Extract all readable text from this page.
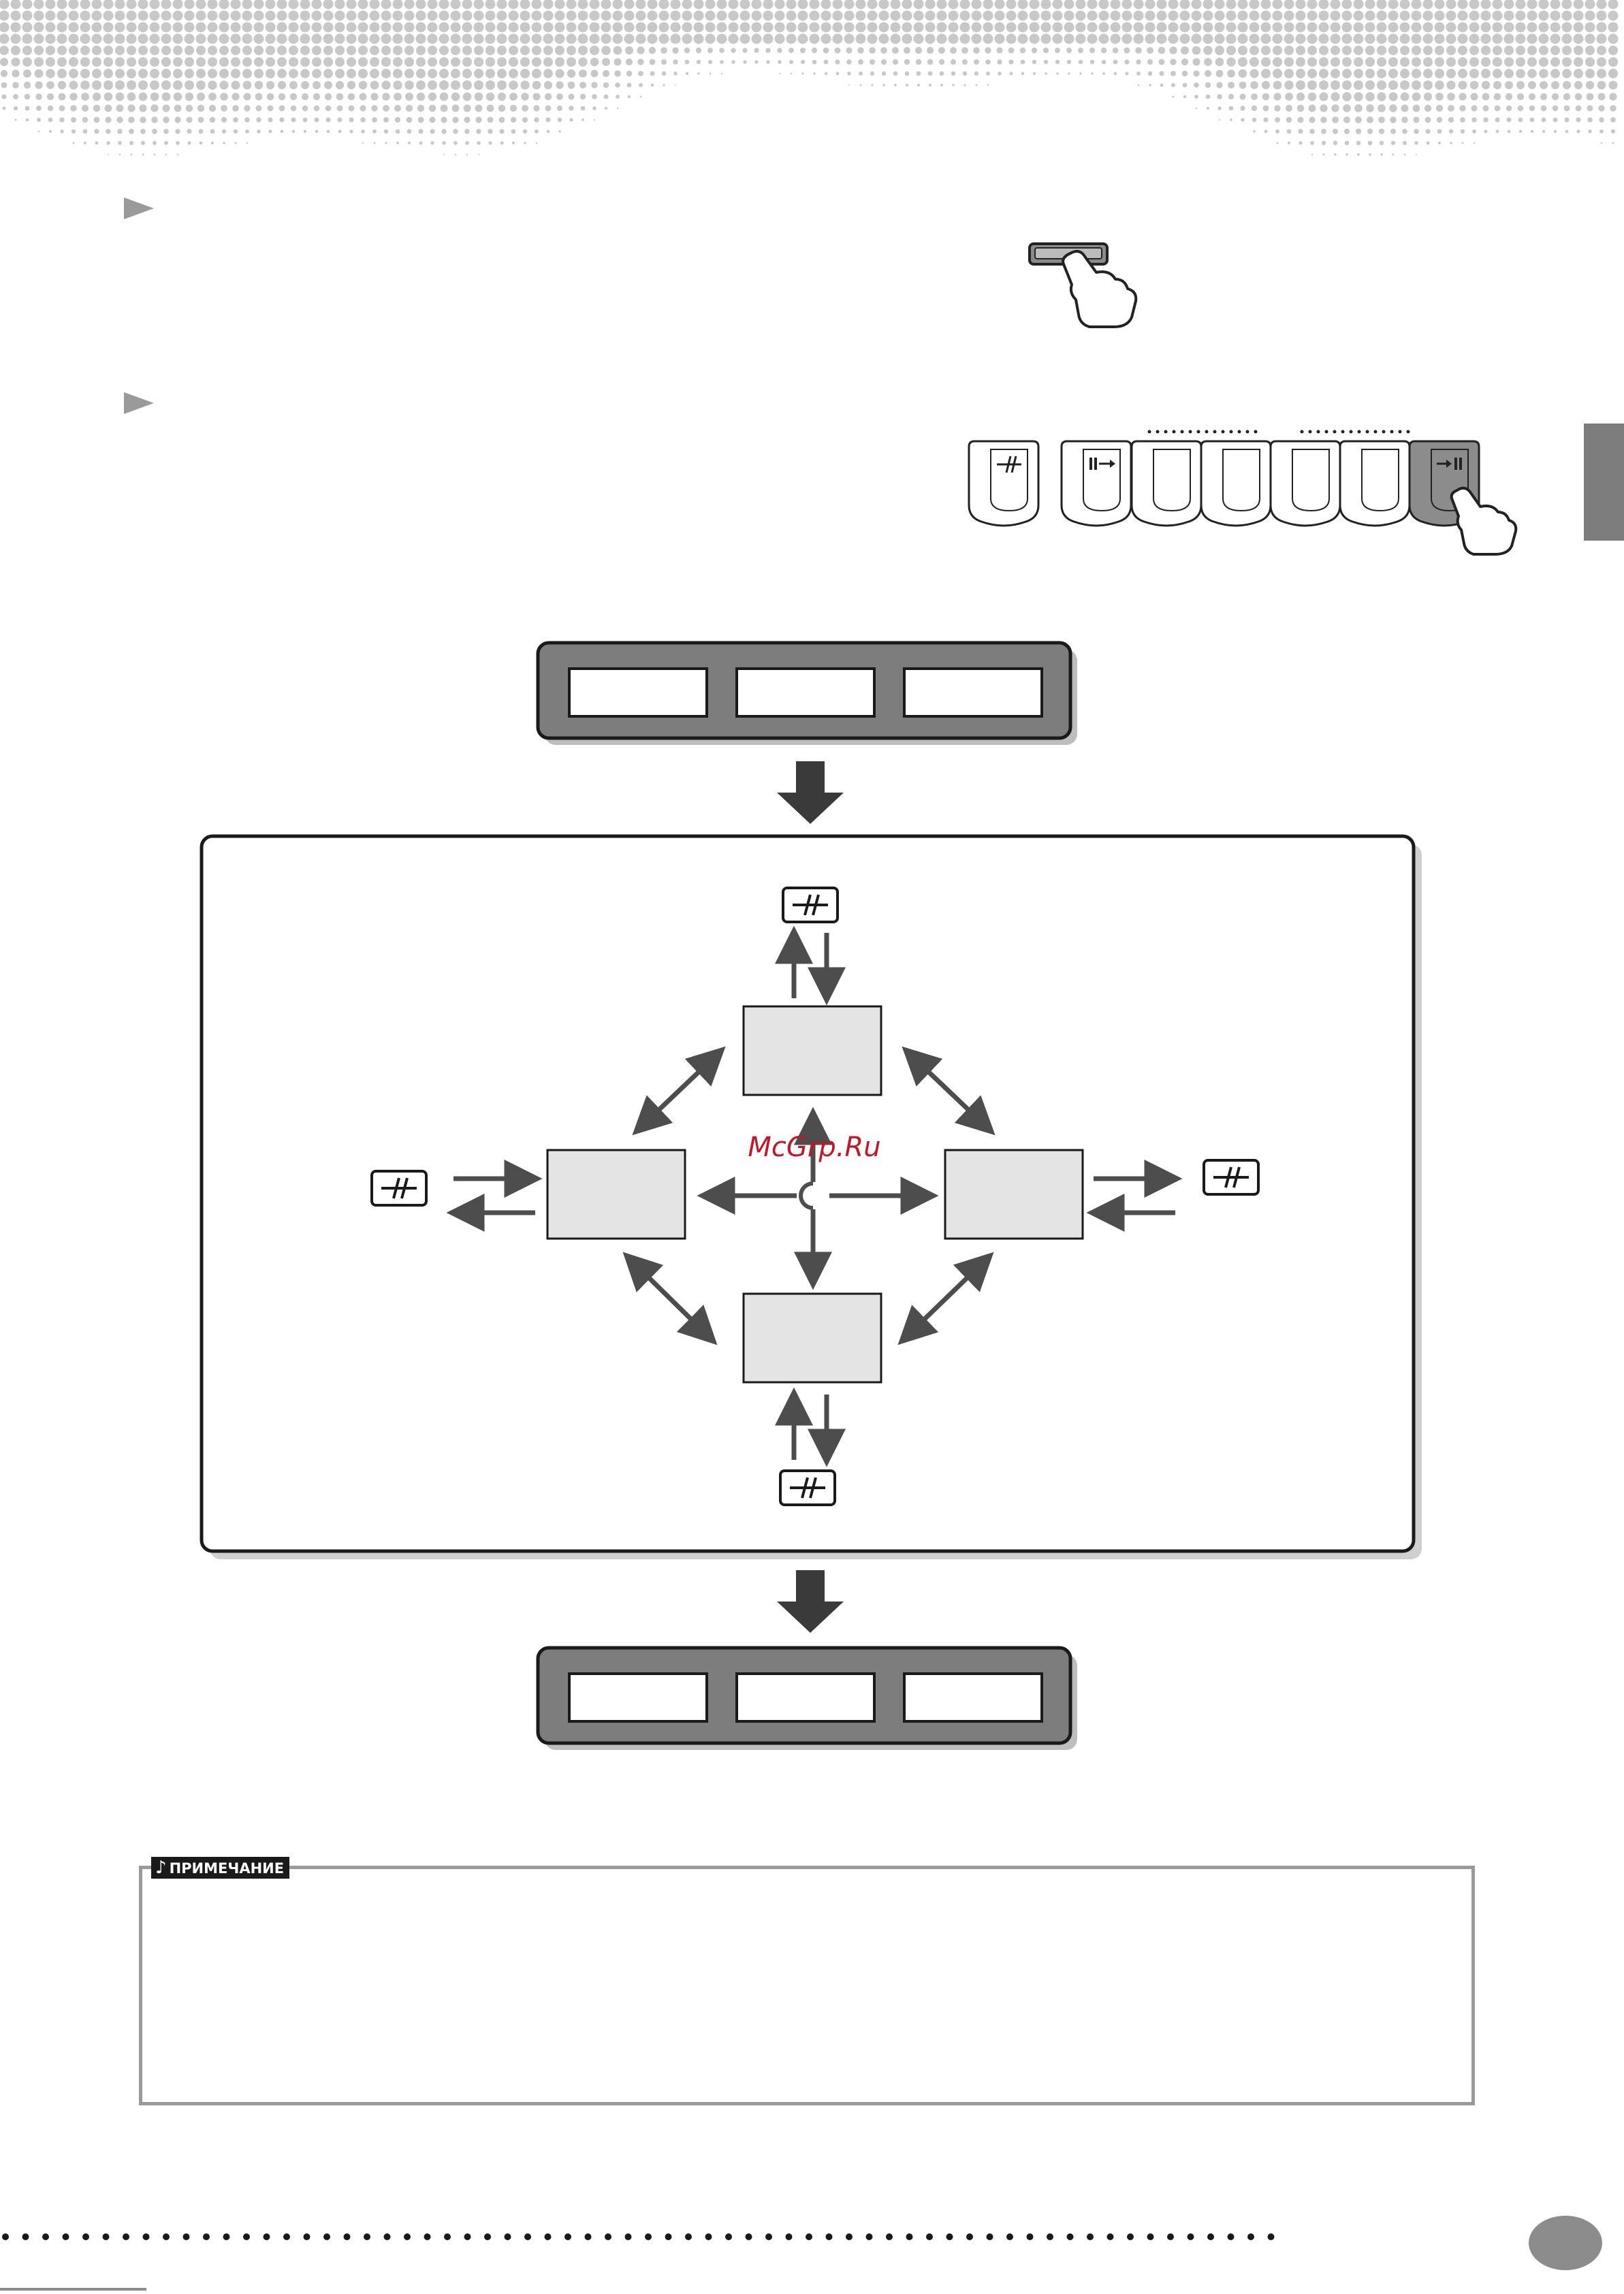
McGrp.Ru
♪ ПРИМЕЧАНИЕ
